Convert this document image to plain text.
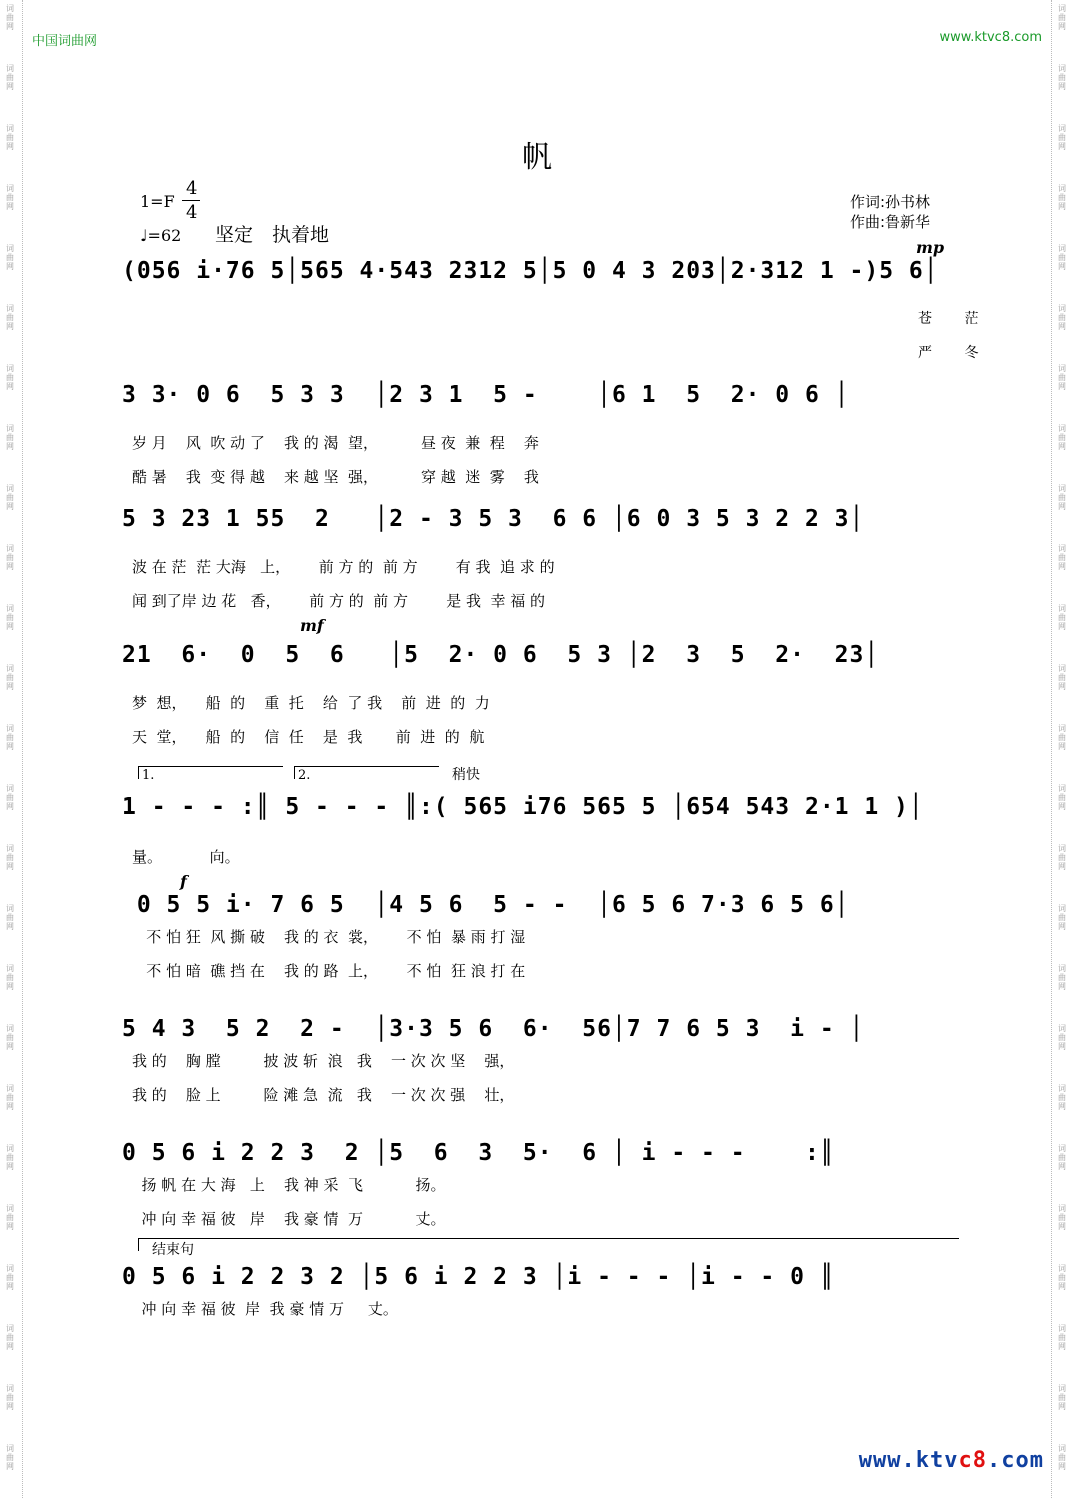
词
曲
网
词
曲
网
词
曲
网
词
曲
网
词
曲
网
词
曲
网
词
曲
网
词
曲
网
词
曲
网
词
曲
网
词
曲
网
词
曲
网
词
曲
网
词
曲
网
词
曲
网
词
曲
网
词
曲
网
词
曲
网
词
曲
网
词
曲
网
词
曲
网
词
曲
网
词
曲
网
词
曲
网
词
曲
网
词
曲
网
词
曲
网
词
曲
网
词
曲
网
词
曲
网
词
曲
网
词
曲
网
词
曲
网
词
曲
网
词
曲
网
词
曲
网
词
曲
网
词
曲
网
词
曲
网
词
曲
网
词
曲
网
词
曲
网
词
曲
网
词
曲
网
词
曲
网
词
曲
网
词
曲
网
词
曲
网
词
曲
网
词
曲
网
中国词曲网	www.ktvc8.com
帆
1=F
4
4
♩=62 坚定　执着地
作词:孙书林
作曲:鲁新华
mp
mf
f
(056 i·76 5│565 4·543 2312 5│5 0 4 3 203│2·312 1 -)5 6│
苍 茫
严 冬
3 3· 0 6  5 3 3  │2 3 1  5 -    │6 1  5  2· 0 6 │
岁 月    风  吹 动 了    我 的 渴  望，         昼 夜  兼  程    奔
酷 暑    我  变 得 越    来 越 坚  强，         穿 越  迷  雾    我
5 3 23 1 55  2   │2 - 3 5 3  6 6 │6 0 3 5 3 2 2 3│
波 在 茫  茫 大海   上，      前 方 的  前 方        有 我  追 求 的
闻 到了岸 边 花   香，      前 方 的  前 方        是 我  幸 福 的
21  6·  0  5  6   │5  2· 0 6  5 3 │2  3  5  2·  23│
梦  想，    船  的    重  托    给  了 我    前  进  的  力
天  堂，    船  的    信  任    是  我       前  进  的  航
1.	2.	稍快
1 - - - :║ 5 - - - ║:( 565 i76 565 5 │654 543 2·1 1 )│
量。          向。
0 5 5 i· 7 6 5  │4 5 6  5 - -  │6 5 6 7·3 6 5 6│
不 怕 狂  风 撕 破    我 的 衣  裳，      不 怕  暴 雨 打 湿
不 怕 暗  礁 挡 在    我 的 路  上，      不 怕  狂 浪 打 在
5 4 3  5 2  2 -  │3·3 5 6  6·  56│7 7 6 5 3  i - │
我 的    胸 膛         披 波 斩  浪   我    一 次 次 坚    强，
我 的    脸 上         险 滩 急  流   我    一 次 次 强    壮，
0 5 6 i 2 2 3  2 │5  6  3  5·  6 │ i - - -    :║
扬 帆 在 大 海   上    我 神 采  飞           扬。
冲 向 幸 福 彼   岸    我 豪 情  万           丈。
结束句
0 5 6 i 2 2 3 2 │5 6 i 2 2 3 │i - - - │i - - 0 ║
冲 向 幸 福 彼  岸  我 豪 情 万     丈。
www.ktvc8.com
